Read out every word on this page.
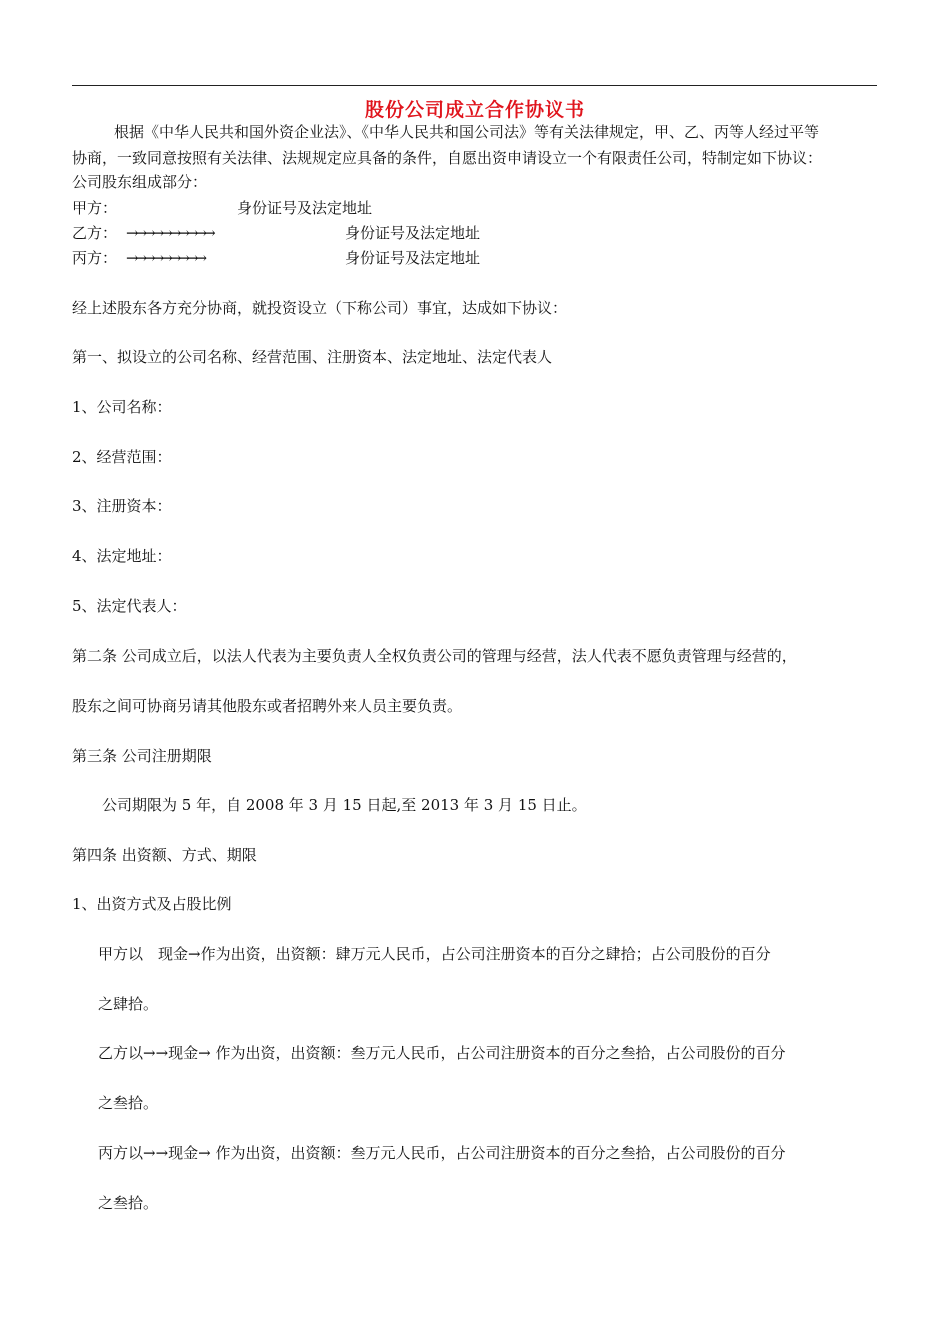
股份公司成立合作协议书
根据《中华人民共和国外资企业法》、《中华人民共和国公司法》等有关法律规定，甲、乙、丙等人经过平等
协商，一致同意按照有关法律、法规规定应具备的条件，自愿出资申请设立一个有限责任公司，特制定如下协议：
公司股东组成部分：
甲方：	身份证号及法定地址
乙方： →→→→→→→→→→	身份证号及法定地址
丙方： →→→→→→→→→	身份证号及法定地址
经上述股东各方充分协商，就投资设立（下称公司）事宜，达成如下协议：
第一、拟设立的公司名称、经营范围、注册资本、法定地址、法定代表人
1、公司名称：
2、经营范围：
3、注册资本：
4、法定地址：
5、法定代表人：
第二条 公司成立后，以法人代表为主要负责人全权负责公司的管理与经营，法人代表不愿负责管理与经营的，
股东之间可协商另请其他股东或者招聘外来人员主要负责。
第三条 公司注册期限
公司期限为 5 年，自 2008 年 3 月 15 日起,至 2013 年 3 月 15 日止。
第四条 出资额、方式、期限
1、出资方式及占股比例
甲方以　现金→作为出资，出资额：肆万元人民币，占公司注册资本的百分之肆拾；占公司股份的百分
之肆拾。
乙方以→→现金→ 作为出资，出资额：叁万元人民币，占公司注册资本的百分之叁拾，占公司股份的百分
之叁拾。
丙方以→→现金→ 作为出资，出资额：叁万元人民币，占公司注册资本的百分之叁拾，占公司股份的百分
之叁拾。
